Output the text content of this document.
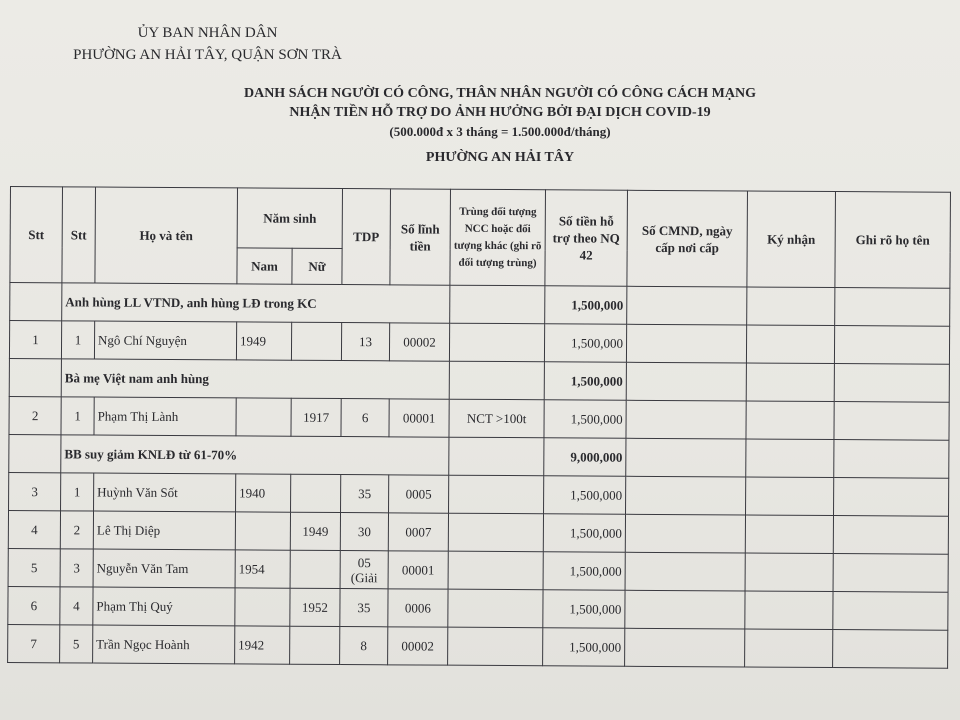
ỦY BAN NHÂN DÂN
PHƯỜNG AN HẢI TÂY, QUẬN SƠN TRÀ
DANH SÁCH NGƯỜI CÓ CÔNG, THÂN NHÂN NGƯỜI CÓ CÔNG CÁCH MẠNG
NHẬN TIỀN HỖ TRỢ DO ẢNH HƯỞNG BỞI ĐẠI DỊCH COVID-19
(500.000đ x 3 tháng = 1.500.000đ/tháng)
PHƯỜNG AN HẢI TÂY
Stt	Stt	Họ và tên	Năm sinh		TDP	Sổ lĩnh tiền	Trùng đối tượng NCC hoặc đối tượng khác (ghi rõ đối tượng trùng)	Số tiền hỗ trợ theo NQ 42	Số CMND, ngày cấp nơi cấp	Ký nhận	Ghi rõ họ tên
			Nam	Nữ							
	Anh hùng LL VTND, anh hùng LĐ trong KC							1,500,000			
1	1	Ngô Chí Nguyện	1949		13	00002		1,500,000			
	Bà mẹ Việt nam anh hùng							1,500,000			
2	1	Phạm Thị Lành		1917	6	00001	NCT >100t	1,500,000			
	BB suy giảm KNLĐ từ 61-70%							9,000,000			
3	1	Huỳnh Văn Sốt	1940		35	0005		1,500,000			
4	2	Lê Thị Diệp		1949	30	0007		1,500,000			
5	3	Nguyễn Văn Tam	1954		05 (Giải	00001		1,500,000			
6	4	Phạm Thị Quý		1952	35	0006		1,500,000			
7	5	Trần Ngọc Hoành	1942		8	00002		1,500,000			
